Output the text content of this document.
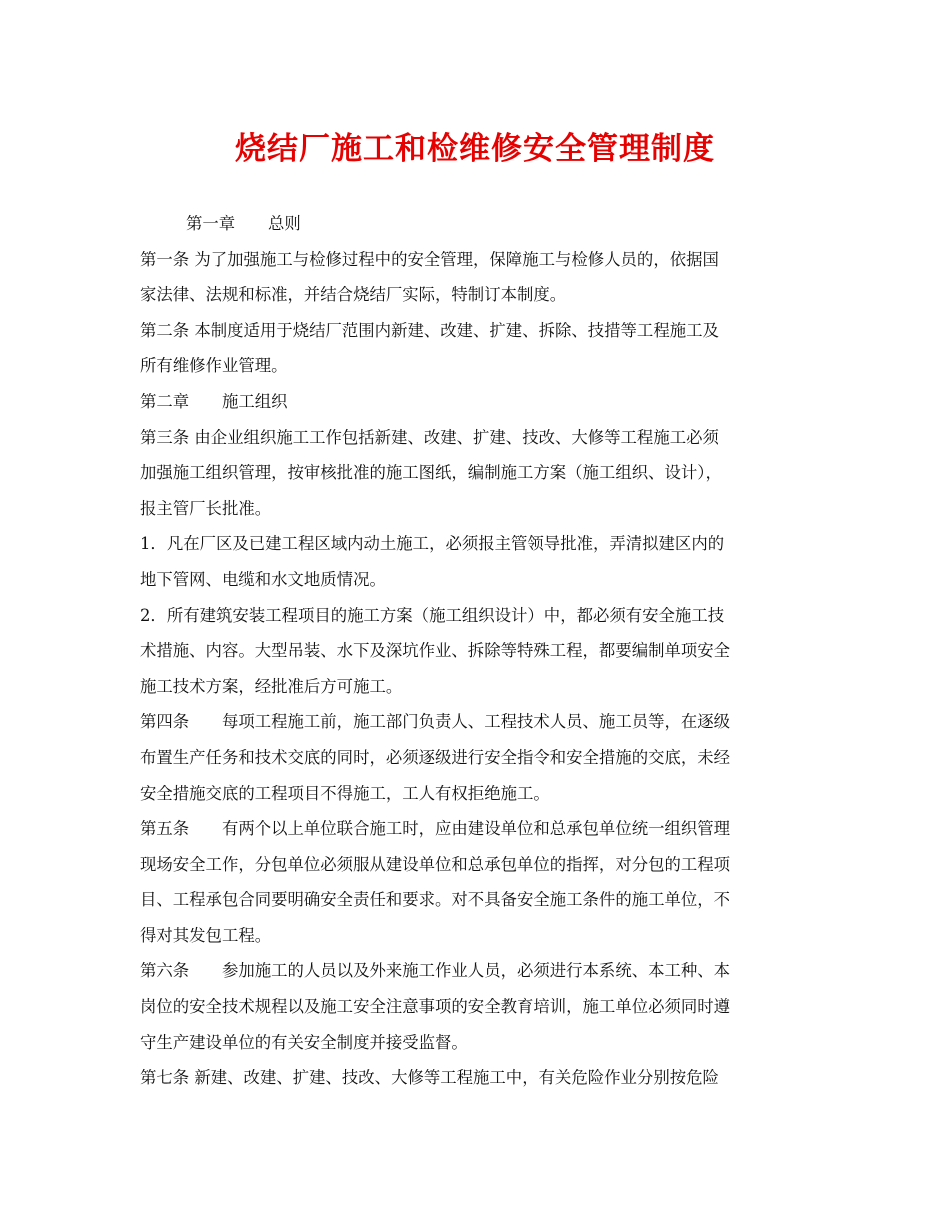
烧结厂施工和检维修安全管理制度
第一章　　总则
第一条 为了加强施工与检修过程中的安全管理，保障施工与检修人员的，依据国
家法律、法规和标准，并结合烧结厂实际，特制订本制度。
第二条 本制度适用于烧结厂范围内新建、改建、扩建、拆除、技措等工程施工及
所有维修作业管理。
第二章　　施工组织
第三条 由企业组织施工工作包括新建、改建、扩建、技改、大修等工程施工必须
加强施工组织管理，按审核批准的施工图纸，编制施工方案（施工组织、设计），
报主管厂长批准。
1．凡在厂区及已建工程区域内动土施工，必须报主管领导批准，弄清拟建区内的
地下管网、电缆和水文地质情况。
2．所有建筑安装工程项目的施工方案（施工组织设计）中，都必须有安全施工技
术措施、内容。大型吊装、水下及深坑作业、拆除等特殊工程，都要编制单项安全
施工技术方案，经批准后方可施工。
第四条　　每项工程施工前，施工部门负责人、工程技术人员、施工员等，在逐级
布置生产任务和技术交底的同时，必须逐级进行安全指令和安全措施的交底，未经
安全措施交底的工程项目不得施工，工人有权拒绝施工。
第五条　　有两个以上单位联合施工时，应由建设单位和总承包单位统一组织管理
现场安全工作，分包单位必须服从建设单位和总承包单位的指挥，对分包的工程项
目、工程承包合同要明确安全责任和要求。对不具备安全施工条件的施工单位，不
得对其发包工程。
第六条　　参加施工的人员以及外来施工作业人员，必须进行本系统、本工种、本
岗位的安全技术规程以及施工安全注意事项的安全教育培训，施工单位必须同时遵
守生产建设单位的有关安全制度并接受监督。
第七条 新建、改建、扩建、技改、大修等工程施工中，有关危险作业分别按危险
